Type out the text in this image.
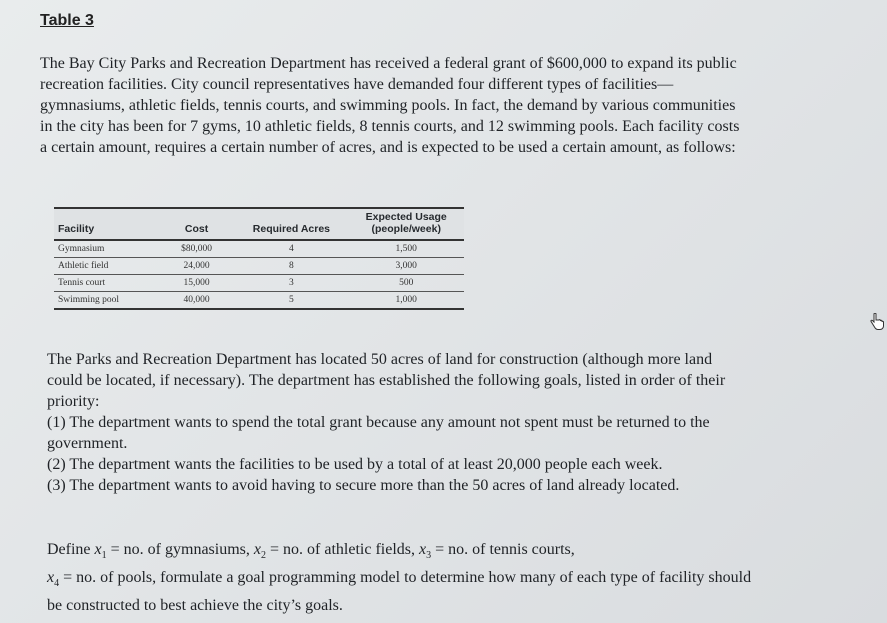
Table 3

The Bay City Parks and Recreation Department has received a federal grant of $600,000 to expand its public recreation facilities. City council representatives have demanded four different types of facilities—gymnasiums, athletic fields, tennis courts, and swimming pools. In fact, the demand by various communities in the city has been for 7 gyms, 10 athletic fields, 8 tennis courts, and 12 swimming pools. Each facility costs a certain amount, requires a certain number of acres, and is expected to be used a certain amount, as follows:

Facility	Cost	Required Acres	Expected Usage (people/week)
Gymnasium	$80,000	4	1,500
Athletic field	24,000	8	3,000
Tennis court	15,000	3	500
Swimming pool	40,000	5	1,000
The Parks and Recreation Department has located 50 acres of land for construction (although more land could be located, if necessary). The department has established the following goals, listed in order of their priority:
(1) The department wants to spend the total grant because any amount not spent must be returned to the government.
(2) The department wants the facilities to be used by a total of at least 20,000 people each week.
(3) The department wants to avoid having to secure more than the 50 acres of land already located.

Define $x_1$ = no. of gymnasiums, $x_2$ = no. of athletic fields, $x_3$ = no. of tennis courts,
$x_4$ = no. of pools, formulate a goal programming model to determine how many of each type of facility should be constructed to best achieve the city’s goals.
